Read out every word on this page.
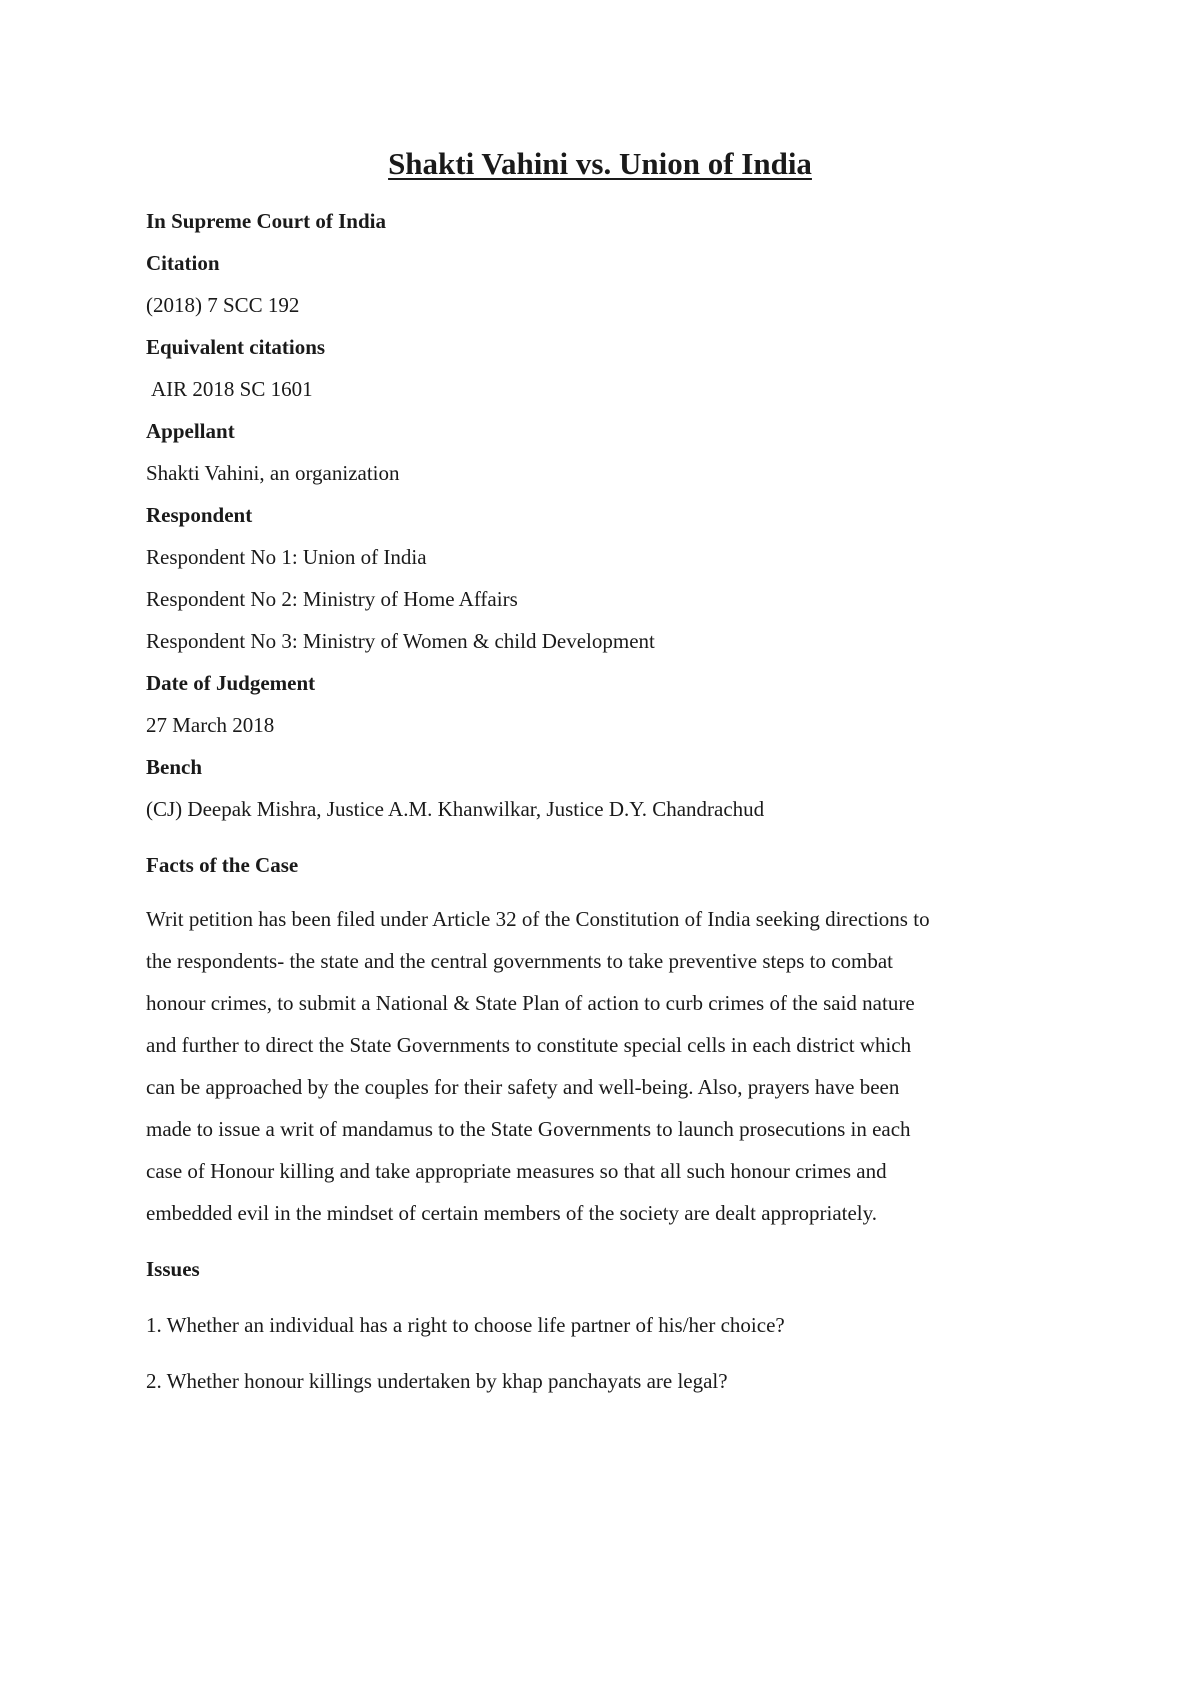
Shakti Vahini vs. Union of India

In Supreme Court of India

Citation

(2018) 7 SCC 192

Equivalent citations

AIR 2018 SC 1601

Appellant

Shakti Vahini, an organization

Respondent

Respondent No 1: Union of India

Respondent No 2: Ministry of Home Affairs

Respondent No 3: Ministry of Women & child Development

Date of Judgement

27 March 2018

Bench

(CJ) Deepak Mishra, Justice A.M. Khanwilkar, Justice D.Y. Chandrachud

Facts of the Case

Writ petition has been filed under Article 32 of the Constitution of India seeking directions to
the respondents- the state and the central governments to take preventive steps to combat
honour crimes, to submit a National & State Plan of action to curb crimes of the said nature
and further to direct the State Governments to constitute special cells in each district which
can be approached by the couples for their safety and well-being. Also, prayers have been
made to issue a writ of mandamus to the State Governments to launch prosecutions in each
case of Honour killing and take appropriate measures so that all such honour crimes and
embedded evil in the mindset of certain members of the society are dealt appropriately.

Issues

1. Whether an individual has a right to choose life partner of his/her choice?

2. Whether honour killings undertaken by khap panchayats are legal?
